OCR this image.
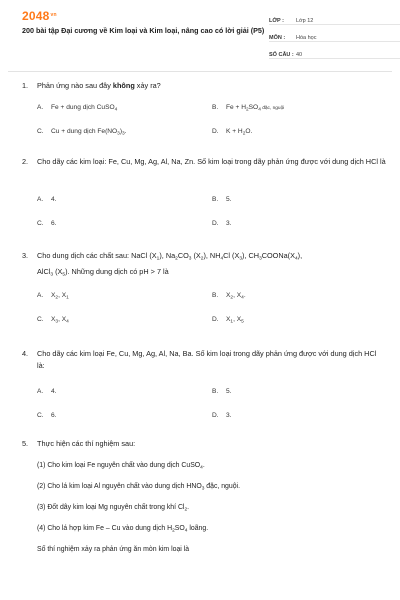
$2048^{vn}$
200 bài tập Đại cương về Kim loại và Kim loại, nâng cao có lời giải (P5)
LỚP :	Lớp 12
MÔN :	Hóa học
SỐ CÂU : 40
1. Phản ứng nào sau đây không xảy ra?
A. Fe + dung dịch CuSO$_4$	B. $Fe + H_2SO_4$ đặc, nguội
C. Cu + dung dịch $Fe(NO_3)_3$.	D. $K + H_2O$.
2. Cho dãy các kim loại: Fe, Cu, Mg, Ag, Al, Na, Zn. Số kim loại trong dãy phản ứng được với dung dịch HCl là
A. 4.	B. 5.
C. 6.	D. 3.
3. Cho dung dịch các chất sau: NaCl $(X_1)$, $Na_2CO_3$ $(X_2)$, $NH_4Cl$ $(X_3)$, $CH_3COONa(X_4)$,
AlCl$_3$ $(X_5)$. Những dung dịch có pH > 7 là
A. $X_2$, $X_1$	B. $X_2$, $X_4$.
C. $X_3$, $X_4$	D. $X_1$, $X_5$
4. Cho dãy các kim loại Fe, Cu, Mg, Ag, Al, Na, Ba. Số kim loại trong dãy phản ứng được với dung dịch HCl là:
A. 4.	B. 5.
C. 6.	D. 3.
5. Thực hiện các thí nghiệm sau:
(1) Cho kim loại Fe nguyên chất vào dung dịch CuSO$_4$.
(2) Cho lá kim loại Al nguyên chất vào dung dịch $HNO_3$ đặc, nguội.
(3) Đốt dây kim loại Mg nguyên chất trong khí $Cl_2$.
(4) Cho lá hợp kim Fe – Cu vào dung dịch $H_2SO_4$ loãng.
Số thí nghiệm xảy ra phản ứng ăn mòn kim loại là
